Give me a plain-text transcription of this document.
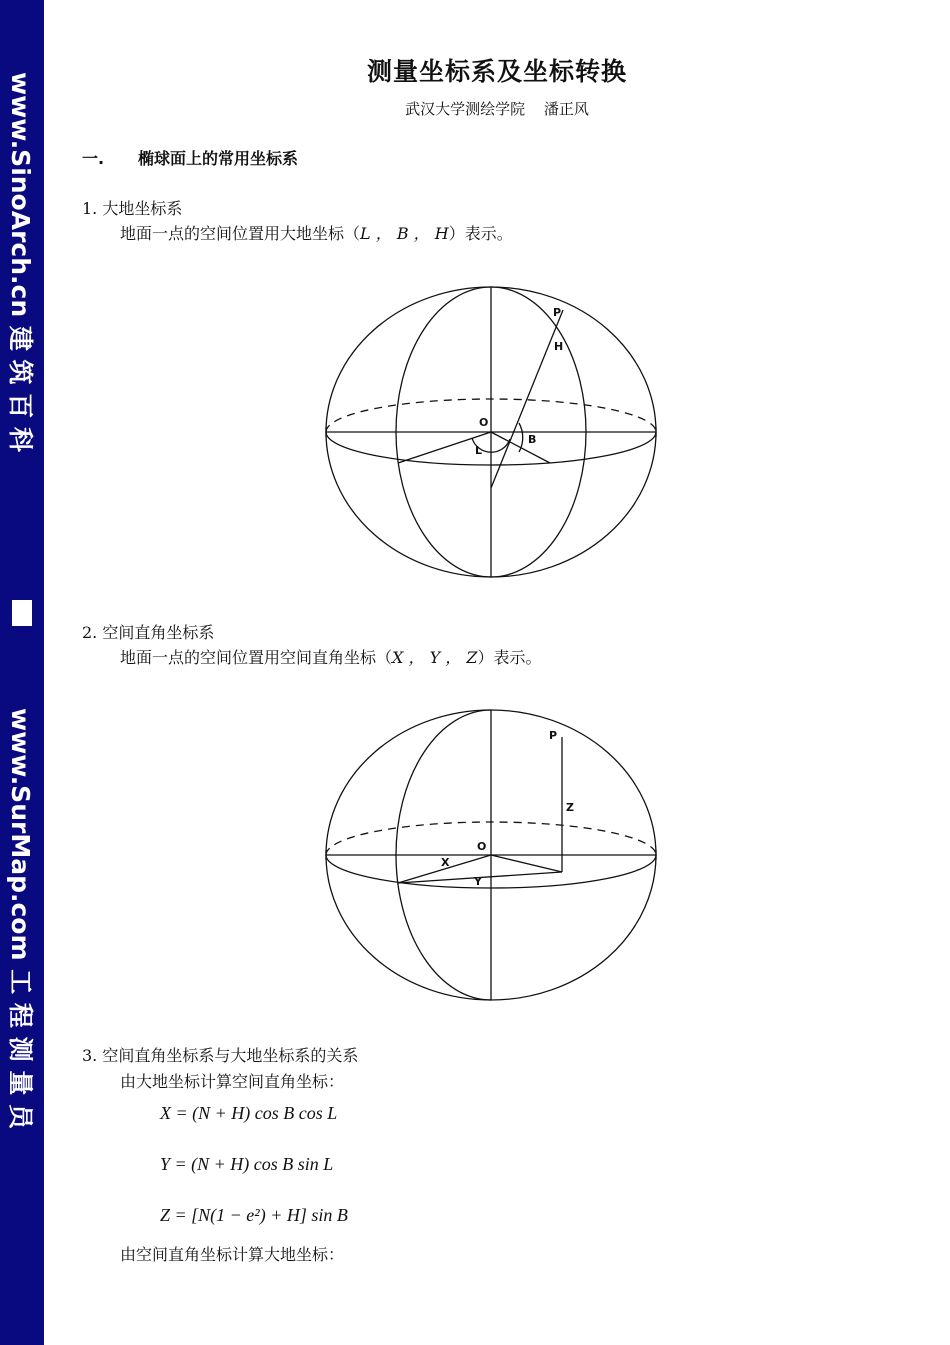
www.SinoArch.cn 建 筑 百 科
www.SurMap.com 工 程 测 量 员
测量坐标系及坐标转换
武汉大学测绘学院 潘正风
一. 椭球面上的常用坐标系
1. 大地坐标系
地面一点的空间位置用大地坐标（L ， B ， H）表示。
P
H
O
B
L
2. 空间直角坐标系
地面一点的空间位置用空间直角坐标（X ， Y ， Z）表示。
P
Z
O
X
Y
3. 空间直角坐标系与大地坐标系的关系
由大地坐标计算空间直角坐标：
X = (N + H) cos B cos L
Y = (N + H) cos B sin L
Z = [N(1 − e²) + H] sin B
由空间直角坐标计算大地坐标：
